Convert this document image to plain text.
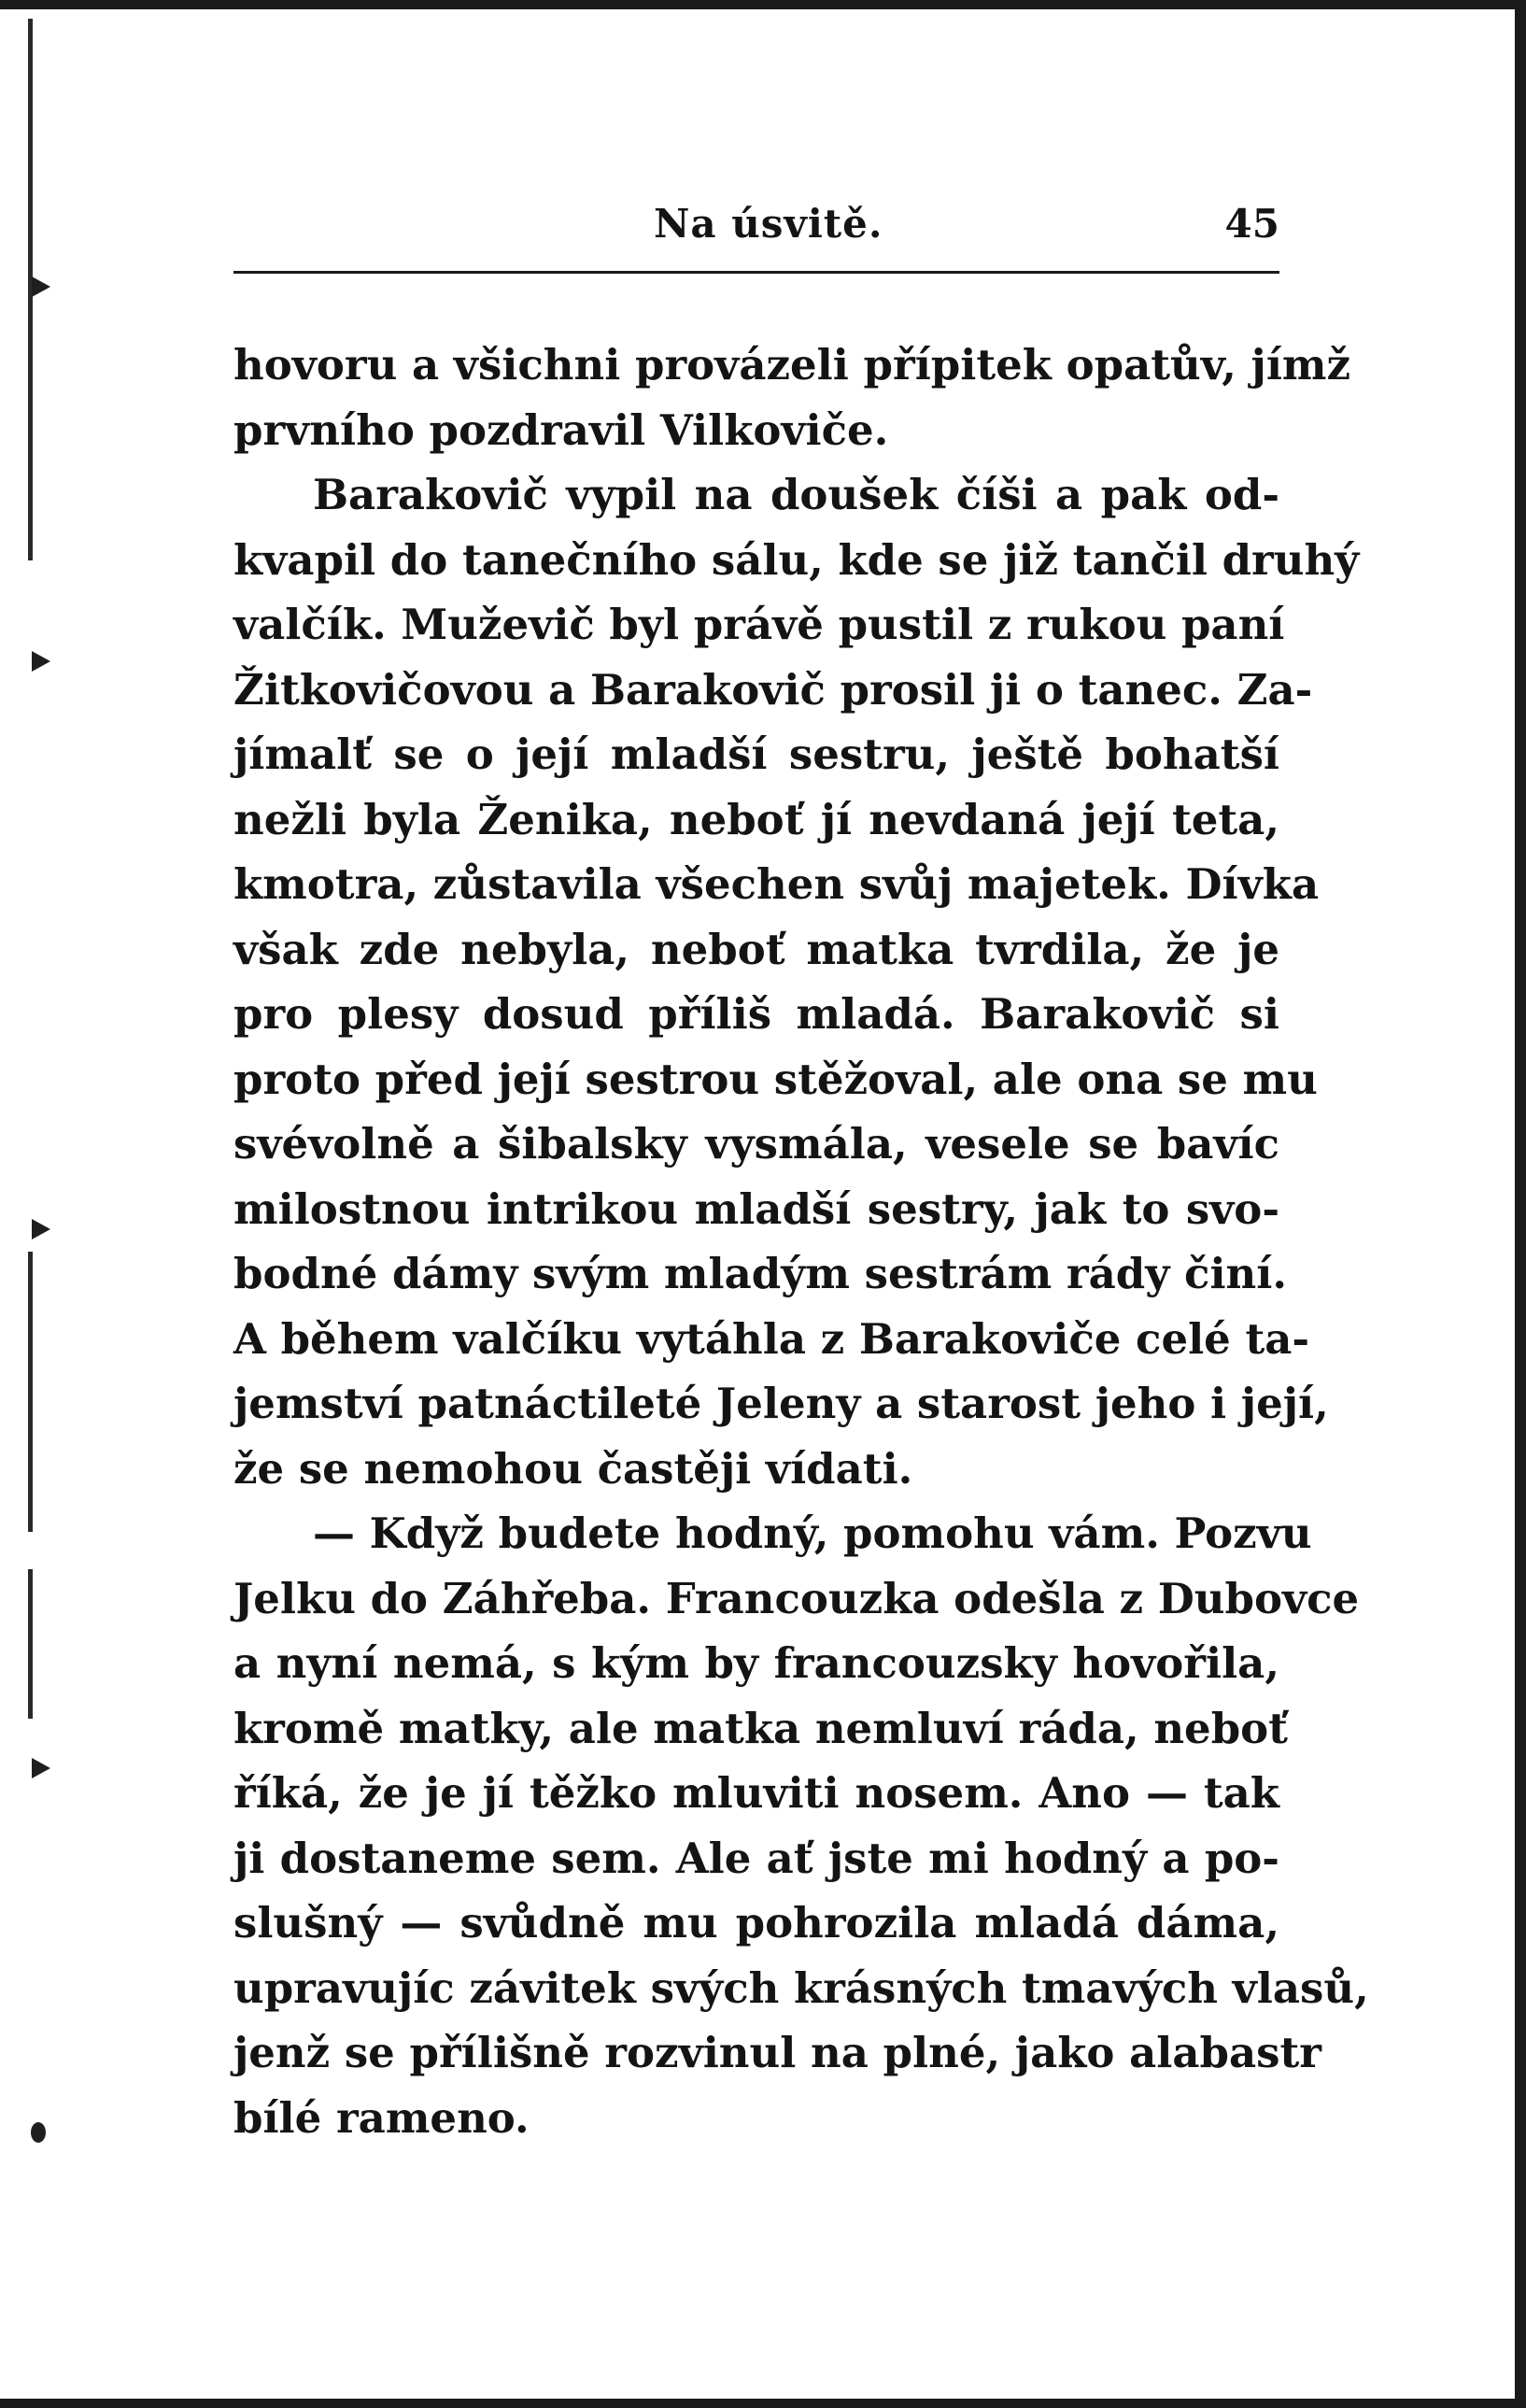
Na úsvitě.	45
hovoru a všichni provázeli přípitek opatův, jímž
prvního pozdravil Vilkoviče.
Barakovič vypil na doušek číši a pak od-
kvapil do tanečního sálu, kde se již tančil druhý
valčík. Muževič byl právě pustil z rukou paní
Žitkovičovou a Barakovič prosil ji o tanec. Za-
jímalť se o její mladší sestru, ještě bohatší
nežli byla Ženika, neboť jí nevdaná její teta,
kmotra, zůstavila všechen svůj majetek. Dívka
však zde nebyla, neboť matka tvrdila, že je
pro plesy dosud příliš mladá. Barakovič si
proto před její sestrou stěžoval, ale ona se mu
svévolně a šibalsky vysmála, vesele se bavíc
milostnou intrikou mladší sestry, jak to svo-
bodné dámy svým mladým sestrám rády činí.
A během valčíku vytáhla z Barakoviče celé ta-
jemství patnáctileté Jeleny a starost jeho i její,
že se nemohou častěji vídati.
— Když budete hodný, pomohu vám. Pozvu
Jelku do Záhřeba. Francouzka odešla z Dubovce
a nyní nemá, s kým by francouzsky hovořila,
kromě matky, ale matka nemluví ráda, neboť
říká, že je jí těžko mluviti nosem. Ano — tak
ji dostaneme sem. Ale ať jste mi hodný a po-
slušný — svůdně mu pohrozila mladá dáma,
upravujíc závitek svých krásných tmavých vlasů,
jenž se přílišně rozvinul na plné, jako alabastr
bílé rameno.
